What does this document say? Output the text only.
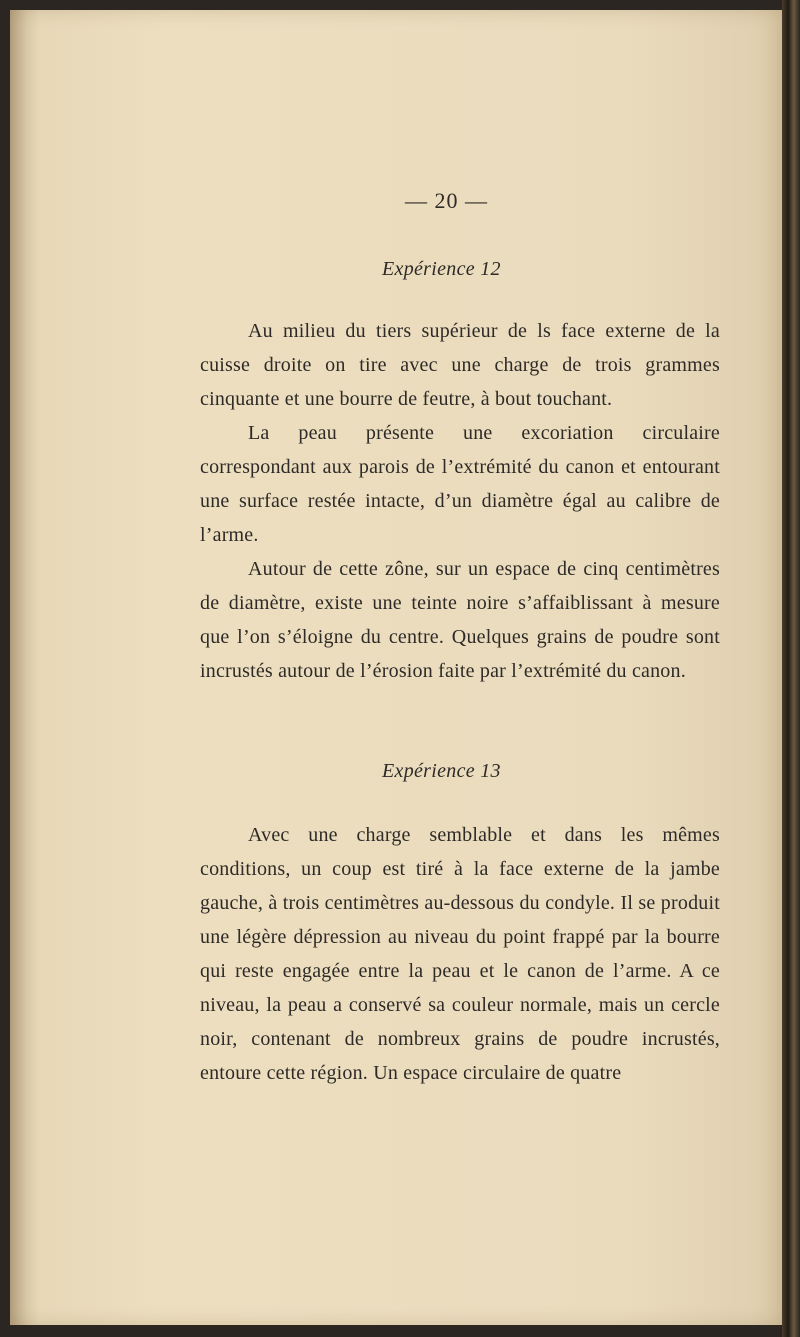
— 20 —
Expérience 12

Au milieu du tiers supérieur de ls face externe de la cuisse droite on tire avec une charge de trois grammes cinquante et une bourre de feutre, à bout touchant.

La peau présente une excoriation circulaire correspondant aux parois de l’extrémité du canon et entourant une surface restée intacte, d’un diamètre égal au calibre de l’arme.

Autour de cette zône, sur un espace de cinq centimètres de diamètre, existe une teinte noire s’affaiblissant à mesure que l’on s’éloigne du centre. Quelques grains de poudre sont incrustés autour de l’érosion faite par l’extrémité du canon.

Expérience 13

Avec une charge semblable et dans les mêmes conditions, un coup est tiré à la face externe de la jambe gauche, à trois centimètres au-dessous du condyle. Il se produit une légère dépression au niveau du point frappé par la bourre qui reste engagée entre la peau et le canon de l’arme. A ce niveau, la peau a conservé sa couleur normale, mais un cercle noir, contenant de nombreux grains de poudre incrustés, entoure cette région. Un espace circulaire de quatre
